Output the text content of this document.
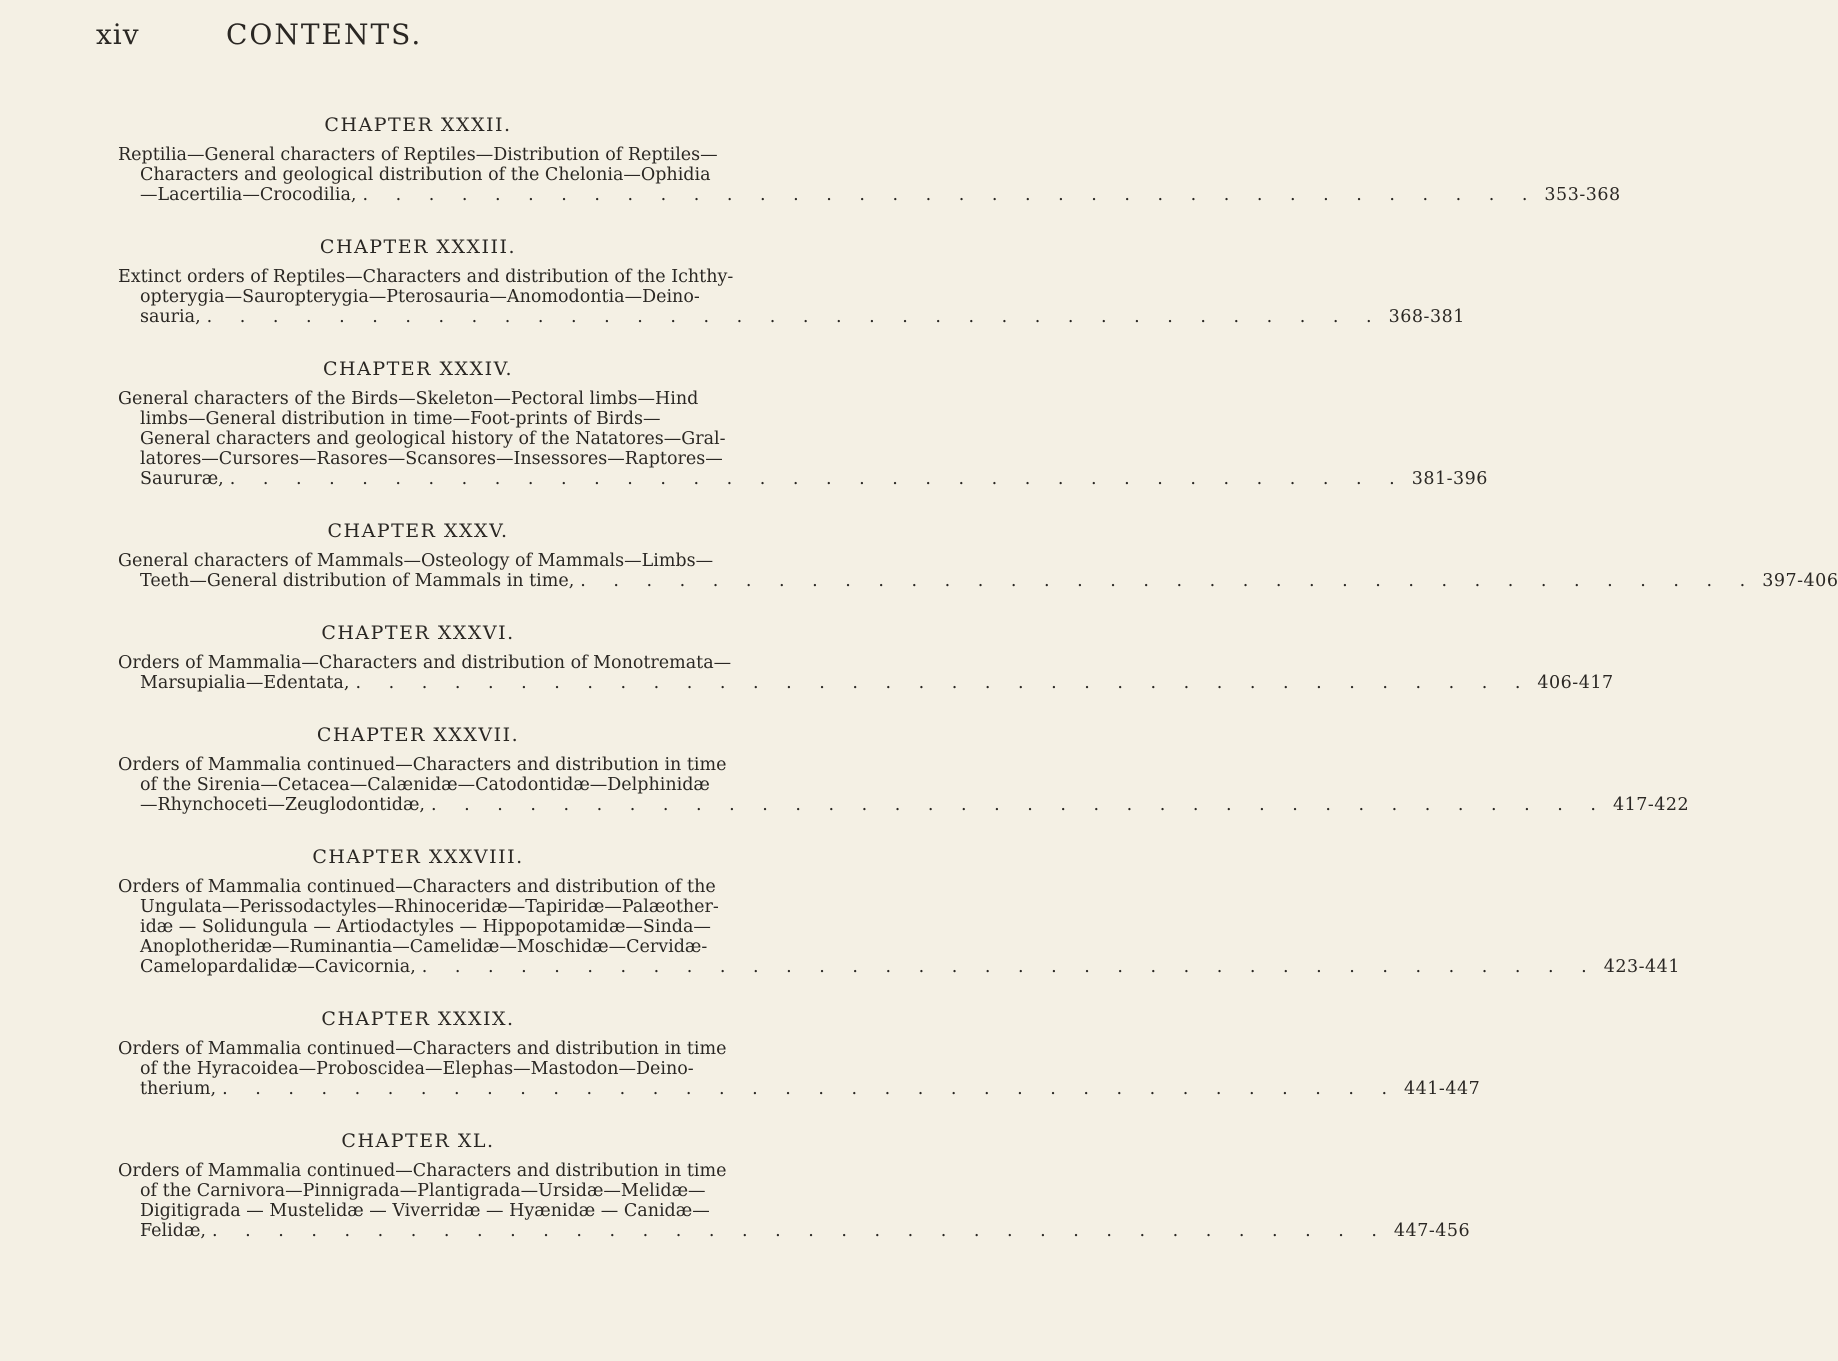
xiv	CONTENTS.
CHAPTER XXXII.
Reptilia—General characters of Reptiles—Distribution of Reptiles—
Characters and geological distribution of the Chelonia—Ophidia
—Lacertilia—Crocodilia, . . . . . . . . . . . . . . . . . . . . . . . . . . . . . . . . . . . . 353-368
CHAPTER XXXIII.
Extinct orders of Reptiles—Characters and distribution of the Ichthy-
opterygia—Sauropterygia—Pterosauria—Anomodontia—Deino-
sauria, . . . . . . . . . . . . . . . . . . . . . . . . . . . . . . . . . . . . 368-381
CHAPTER XXXIV.
General characters of the Birds—Skeleton—Pectoral limbs—Hind
limbs—General distribution in time—Foot-prints of Birds—
General characters and geological history of the Natatores—Gral-
latores—Cursores—Rasores—Scansores—Insessores—Raptores—
Saururæ, . . . . . . . . . . . . . . . . . . . . . . . . . . . . . . . . . . . . 381-396
CHAPTER XXXV.
General characters of Mammals—Osteology of Mammals—Limbs—
Teeth—General distribution of Mammals in time, . . . . . . . . . . . . . . . . . . . . . . . . . . . . . . . . . . . . 397-406
CHAPTER XXXVI.
Orders of Mammalia—Characters and distribution of Monotremata—
Marsupialia—Edentata, . . . . . . . . . . . . . . . . . . . . . . . . . . . . . . . . . . . . 406-417
CHAPTER XXXVII.
Orders of Mammalia continued—Characters and distribution in time
of the Sirenia—Cetacea—Calænidæ—Catodontidæ—Delphinidæ
—Rhynchoceti—Zeuglodontidæ, . . . . . . . . . . . . . . . . . . . . . . . . . . . . . . . . . . . . 417-422
CHAPTER XXXVIII.
Orders of Mammalia continued—Characters and distribution of the
Ungulata—Perissodactyles—Rhinoceridæ—Tapiridæ—Palæother-
idæ — Solidungula — Artiodactyles — Hippopotamidæ—Sinda—
Anoplotheridæ—Ruminantia—Camelidæ—Moschidæ—Cervidæ-
Camelopardalidæ—Cavicornia, . . . . . . . . . . . . . . . . . . . . . . . . . . . . . . . . . . . . 423-441
CHAPTER XXXIX.
Orders of Mammalia continued—Characters and distribution in time
of the Hyracoidea—Proboscidea—Elephas—Mastodon—Deino-
therium, . . . . . . . . . . . . . . . . . . . . . . . . . . . . . . . . . . . . 441-447
CHAPTER XL.
Orders of Mammalia continued—Characters and distribution in time
of the Carnivora—Pinnigrada—Plantigrada—Ursidæ—Melidæ—
Digitigrada — Mustelidæ — Viverridæ — Hyænidæ — Canidæ—
Felidæ, . . . . . . . . . . . . . . . . . . . . . . . . . . . . . . . . . . . . 447-456
